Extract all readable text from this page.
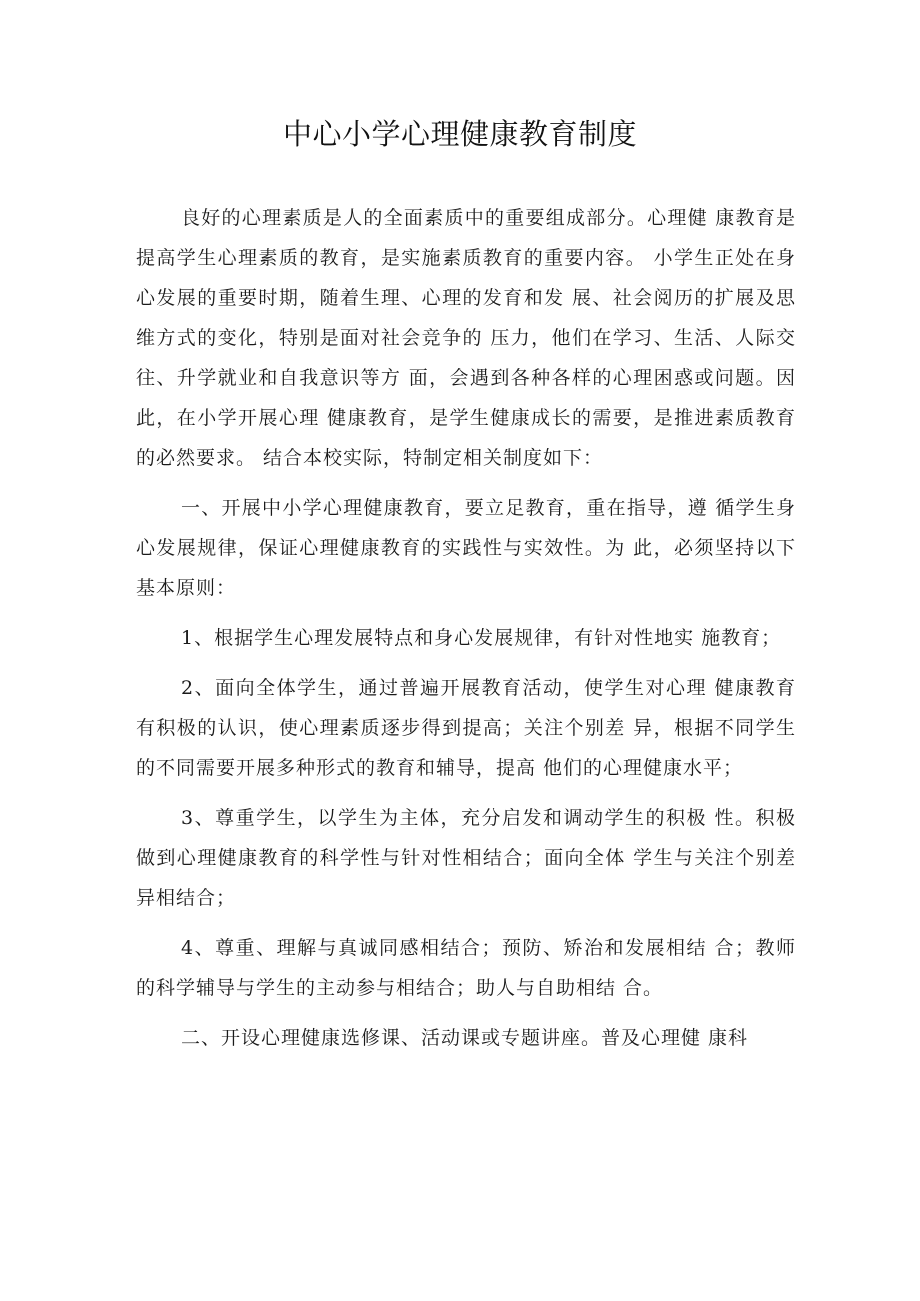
中心小学心理健康教育制度

良好的心理素质是人的全面素质中的重要组成部分。心理健 康教育是提高学生心理素质的教育，是实施素质教育的重要内容。 小学生正处在身心发展的重要时期，随着生理、心理的发育和发 展、社会阅历的扩展及思维方式的变化，特别是面对社会竞争的 压力，他们在学习、生活、人际交往、升学就业和自我意识等方 面，会遇到各种各样的心理困惑或问题。因此，在小学开展心理 健康教育，是学生健康成长的需要，是推进素质教育的必然要求。 结合本校实际，特制定相关制度如下：

一、开展中小学心理健康教育，要立足教育，重在指导，遵 循学生身心发展规律，保证心理健康教育的实践性与实效性。为 此，必须坚持以下基本原则：

1、根据学生心理发展特点和身心发展规律，有针对性地实 施教育；

2、面向全体学生，通过普遍开展教育活动，使学生对心理 健康教育有积极的认识，使心理素质逐步得到提高；关注个别差 异，根据不同学生的不同需要开展多种形式的教育和辅导，提高 他们的心理健康水平；

3、尊重学生，以学生为主体，充分启发和调动学生的积极 性。积极做到心理健康教育的科学性与针对性相结合；面向全体 学生与关注个别差异相结合；

4、尊重、理解与真诚同感相结合；预防、矫治和发展相结 合；教师的科学辅导与学生的主动参与相结合；助人与自助相结 合。

二、开设心理健康选修课、活动课或专题讲座。普及心理健 康科
